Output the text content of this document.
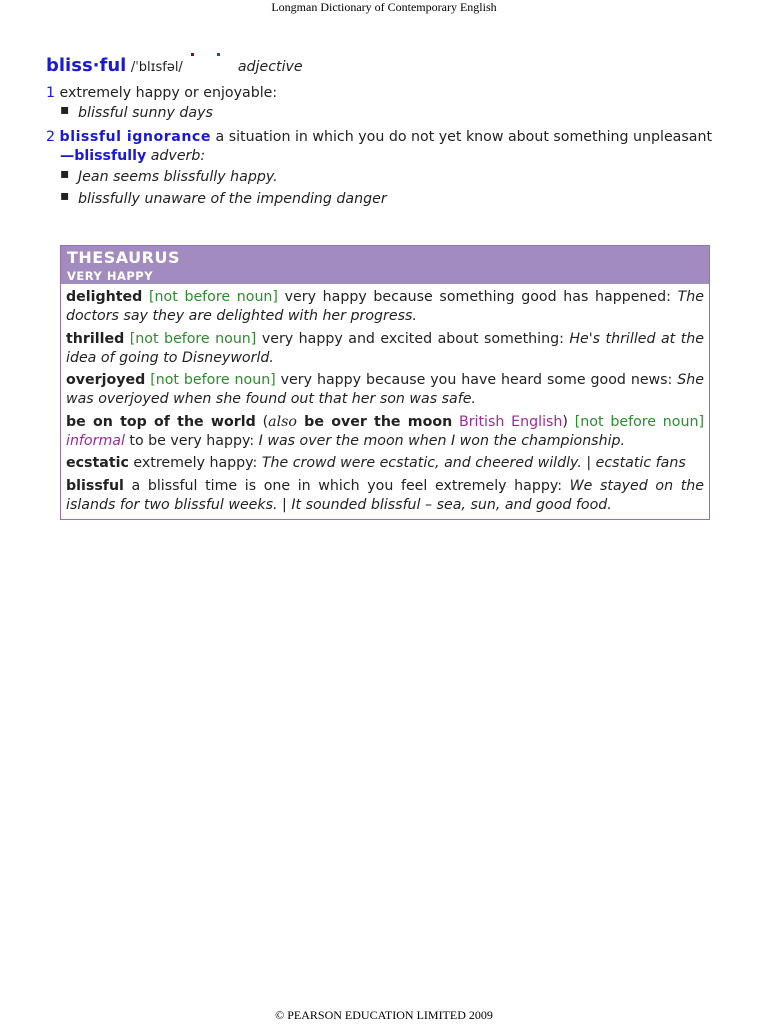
Longman Dictionary of Contemporary English
bliss·ful /ˈblɪsfəl/	adjective
1 extremely happy or enjoyable:
▪ blissful sunny days
2 blissful ignorance a situation in which you do not yet know about something unpleasant
—blissfully adverb:
▪ Jean seems blissfully happy.
▪ blissfully unaware of the impending danger
THESAURUS
VERY HAPPY
delighted [not before noun] very happy because something good has happened: The doctors say they are delighted with her progress.
thrilled [not before noun] very happy and excited about something: He's thrilled at the idea of going to Disneyworld.
overjoyed [not before noun] very happy because you have heard some good news: She was overjoyed when she found out that her son was safe.
be on top of the world (also be over the moon British English) [not before noun] informal to be very happy: I was over the moon when I won the championship.
ecstatic extremely happy: The crowd were ecstatic, and cheered wildly. | ecstatic fans
blissful a blissful time is one in which you feel extremely happy: We stayed on the islands for two blissful weeks. | It sounded blissful – sea, sun, and good food.
© PEARSON EDUCATION LIMITED 2009
